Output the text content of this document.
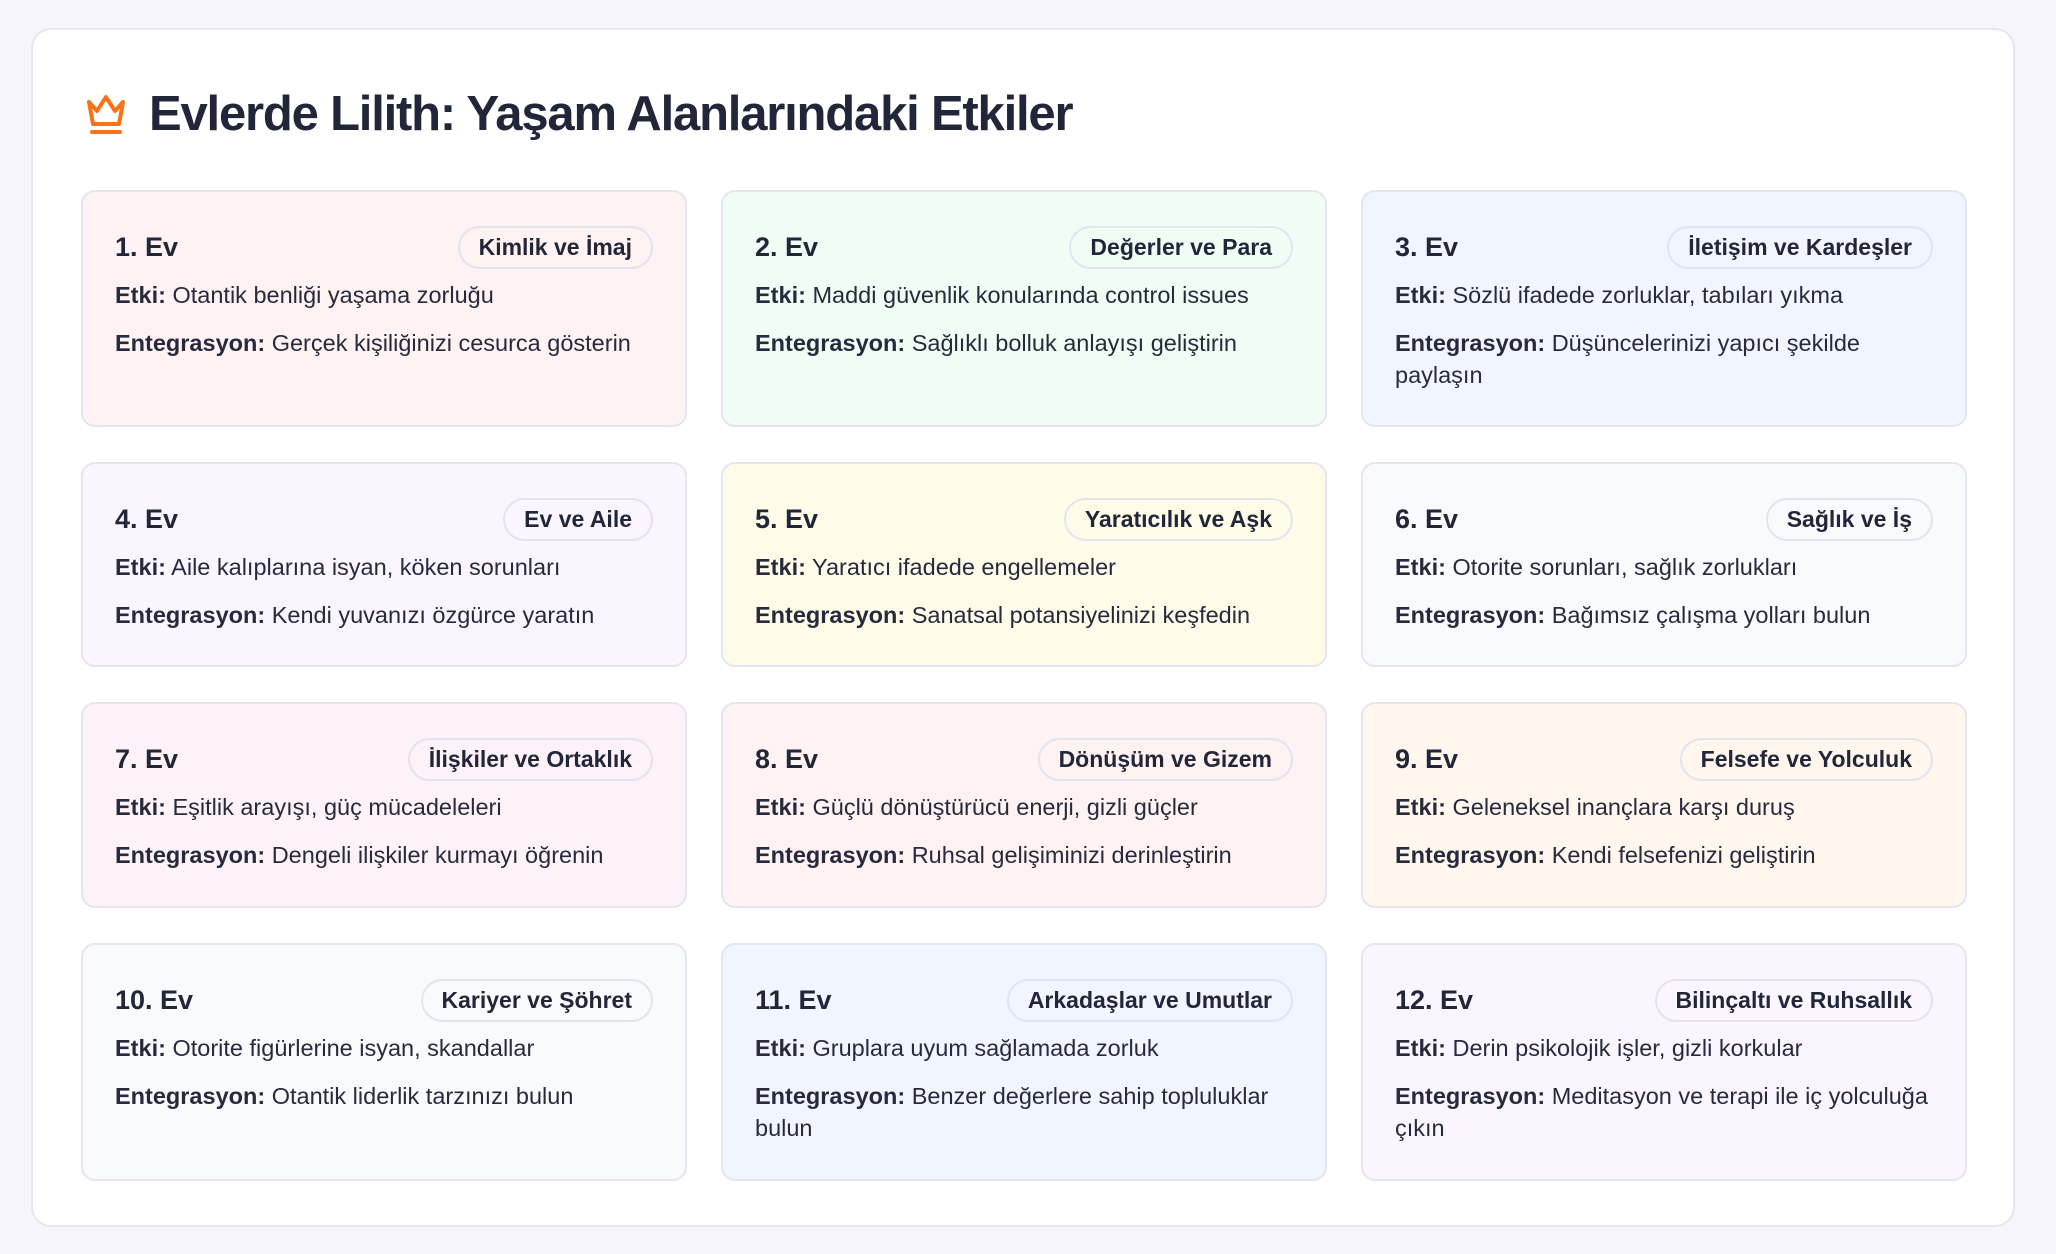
Evlerde Lilith: Yaşam Alanlarındaki Etkiler
1. Ev	Kimlik ve İmaj
Etki: Otantik benliği yaşama zorluğu
Entegrasyon: Gerçek kişiliğinizi cesurca gösterin
2. Ev	Değerler ve Para
Etki: Maddi güvenlik konularında control issues
Entegrasyon: Sağlıklı bolluk anlayışı geliştirin
3. Ev	İletişim ve Kardeşler
Etki: Sözlü ifadede zorluklar, tabıları yıkma
Entegrasyon: Düşüncelerinizi yapıcı şekilde paylaşın
4. Ev	Ev ve Aile
Etki: Aile kalıplarına isyan, köken sorunları
Entegrasyon: Kendi yuvanızı özgürce yaratın
5. Ev	Yaratıcılık ve Aşk
Etki: Yaratıcı ifadede engellemeler
Entegrasyon: Sanatsal potansiyelinizi keşfedin
6. Ev	Sağlık ve İş
Etki: Otorite sorunları, sağlık zorlukları
Entegrasyon: Bağımsız çalışma yolları bulun
7. Ev	İlişkiler ve Ortaklık
Etki: Eşitlik arayışı, güç mücadeleleri
Entegrasyon: Dengeli ilişkiler kurmayı öğrenin
8. Ev	Dönüşüm ve Gizem
Etki: Güçlü dönüştürücü enerji, gizli güçler
Entegrasyon: Ruhsal gelişiminizi derinleştirin
9. Ev	Felsefe ve Yolculuk
Etki: Geleneksel inançlara karşı duruş
Entegrasyon: Kendi felsefenizi geliştirin
10. Ev	Kariyer ve Şöhret
Etki: Otorite figürlerine isyan, skandallar
Entegrasyon: Otantik liderlik tarzınızı bulun
11. Ev	Arkadaşlar ve Umutlar
Etki: Gruplara uyum sağlamada zorluk
Entegrasyon: Benzer değerlere sahip topluluklar bulun
12. Ev	Bilinçaltı ve Ruhsallık
Etki: Derin psikolojik işler, gizli korkular
Entegrasyon: Meditasyon ve terapi ile iç yolculuğa çıkın
